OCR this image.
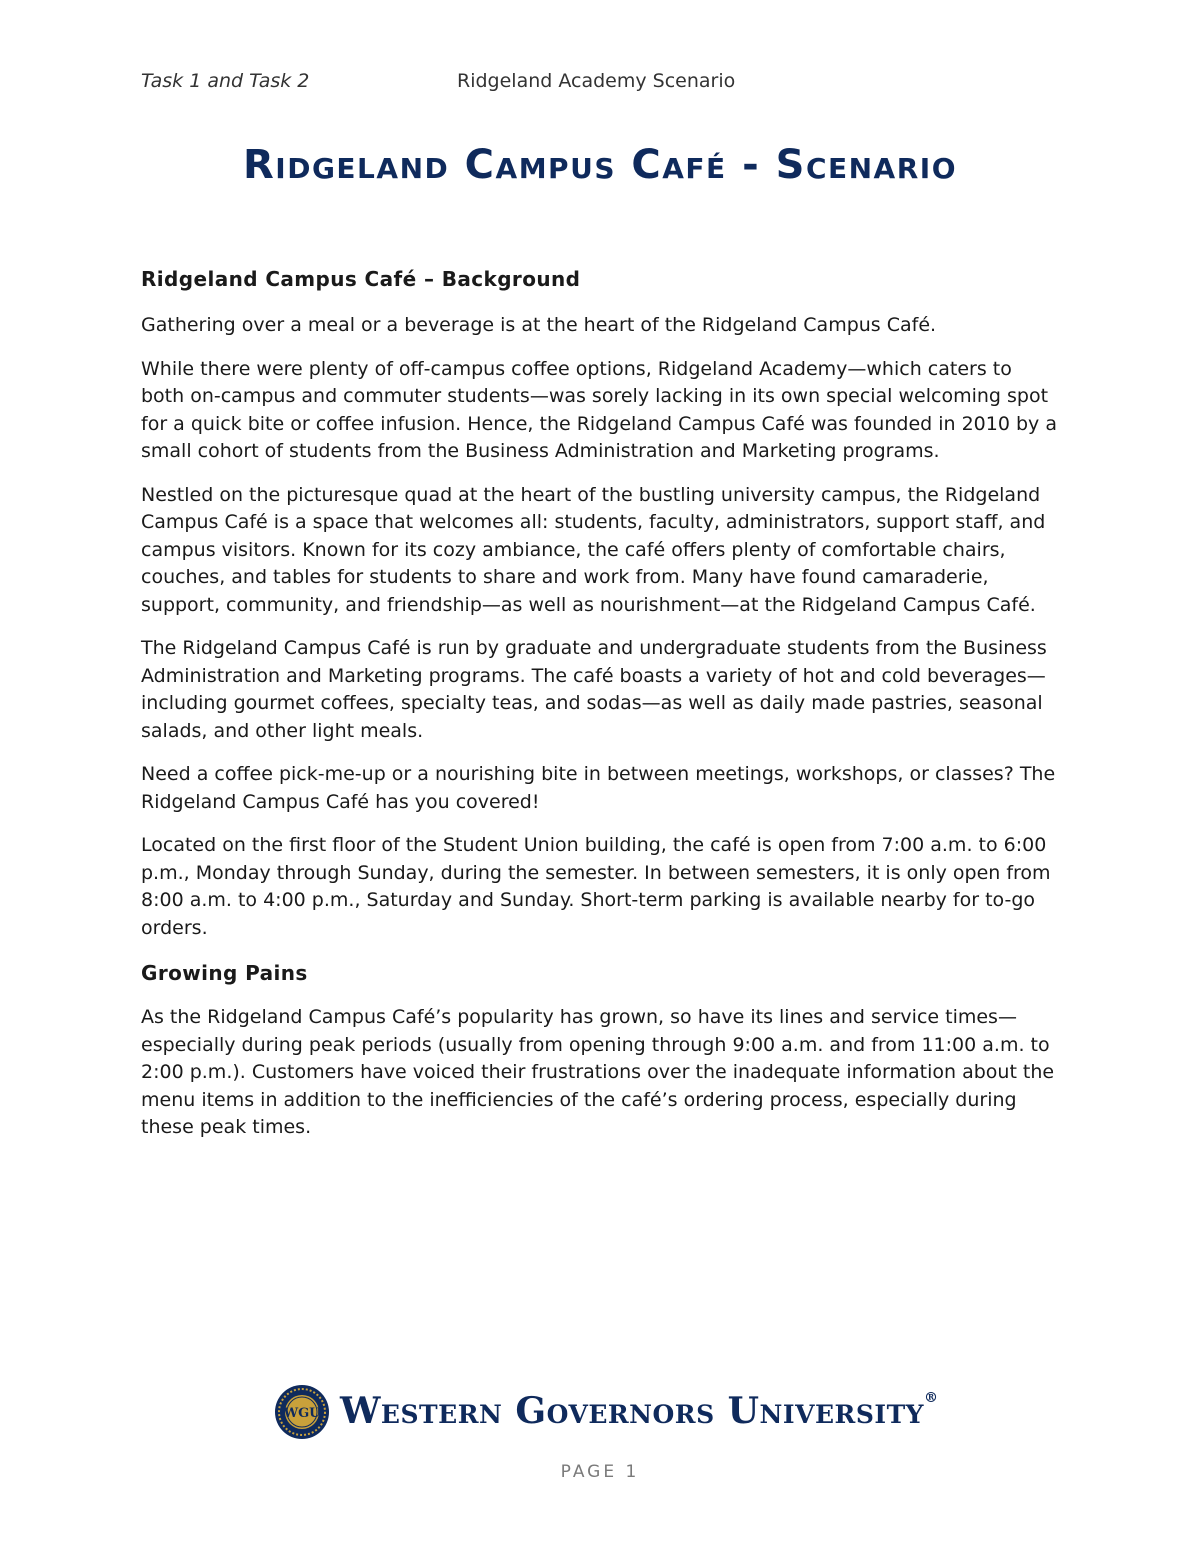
Task 1 and Task 2	Ridgeland Academy Scenario
Ridgeland Campus Café - Scenario
Ridgeland Campus Café – Background

Gathering over a meal or a beverage is at the heart of the Ridgeland Campus Café.

While there were plenty of off-campus coffee options, Ridgeland Academy—which caters to both on-campus and commuter students—was sorely lacking in its own special welcoming spot for a quick bite or coffee infusion. Hence, the Ridgeland Campus Café was founded in 2010 by a small cohort of students from the Business Administration and Marketing programs.

Nestled on the picturesque quad at the heart of the bustling university campus, the Ridgeland Campus Café is a space that welcomes all: students, faculty, administrators, support staff, and campus visitors. Known for its cozy ambiance, the café offers plenty of comfortable chairs, couches, and tables for students to share and work from. Many have found camaraderie, support, community, and friendship—as well as nourishment—at the Ridgeland Campus Café.

The Ridgeland Campus Café is run by graduate and undergraduate students from the Business Administration and Marketing programs. The café boasts a variety of hot and cold beverages—including gourmet coffees, specialty teas, and sodas—as well as daily made pastries, seasonal salads, and other light meals.

Need a coffee pick-me-up or a nourishing bite in between meetings, workshops, or classes? The Ridgeland Campus Café has you covered!

Located on the first floor of the Student Union building, the café is open from 7:00 a.m. to 6:00 p.m., Monday through Sunday, during the semester. In between semesters, it is only open from 8:00 a.m. to 4:00 p.m., Saturday and Sunday. Short-term parking is available nearby for to-go orders.

Growing Pains

As the Ridgeland Campus Café’s popularity has grown, so have its lines and service times—especially during peak periods (usually from opening through 9:00 a.m. and from 11:00 a.m. to 2:00 p.m.). Customers have voiced their frustrations over the inadequate information about the menu items in addition to the inefficiencies of the café’s ordering process, especially during these peak times.

WGU Western Governors University®
PAGE 1
